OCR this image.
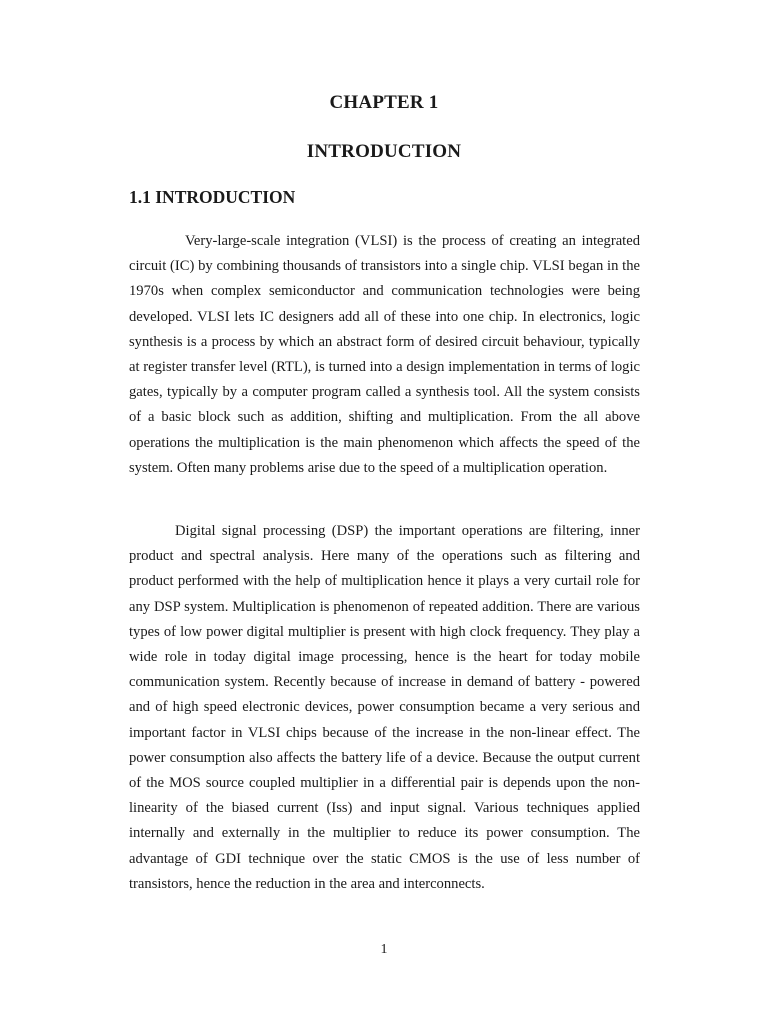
CHAPTER 1
INTRODUCTION
1.1 INTRODUCTION

Very-large-scale integration (VLSI) is the process of creating an integrated circuit (IC) by combining thousands of transistors into a single chip. VLSI began in the 1970s when complex semiconductor and communication technologies were being developed. VLSI lets IC designers add all of these into one chip. In electronics, logic synthesis is a process by which an abstract form of desired circuit behaviour, typically at register transfer level (RTL), is turned into a design implementation in terms of logic gates, typically by a computer program called a synthesis tool. All the system consists of a basic block such as addition, shifting and multiplication. From the all above operations the multiplication is the main phenomenon which affects the speed of the system. Often many problems arise due to the speed of a multiplication operation.

Digital signal processing (DSP) the important operations are filtering, inner product and spectral analysis. Here many of the operations such as filtering and product performed with the help of multiplication hence it plays a very curtail role for any DSP system. Multiplication is phenomenon of repeated addition. There are various types of low power digital multiplier is present with high clock frequency. They play a wide role in today digital image processing, hence is the heart for today mobile communication system. Recently because of increase in demand of battery - powered and of high speed electronic devices, power consumption became a very serious and important factor in VLSI chips because of the increase in the non-linear effect. The power consumption also affects the battery life of a device. Because the output current of the MOS source coupled multiplier in a differential pair is depends upon the non-linearity of the biased current (Iss) and input signal. Various techniques applied internally and externally in the multiplier to reduce its power consumption. The advantage of GDI technique over the static CMOS is the use of less number of transistors, hence the reduction in the area and interconnects.

1
